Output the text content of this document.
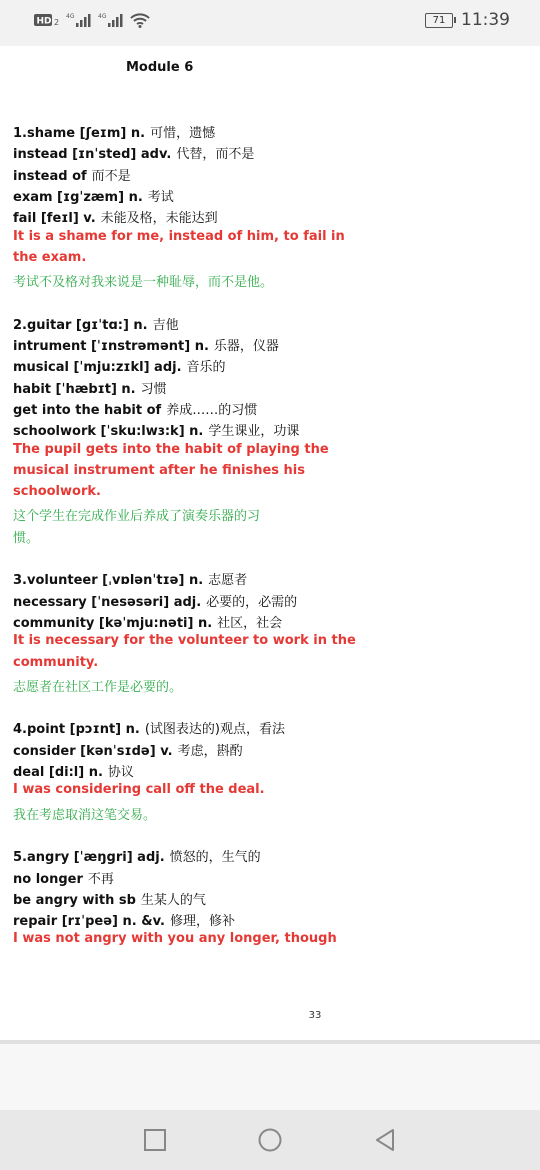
HD 2
4G	4G	71 11:39
Module 6
1.shame [ʃeɪm] n. 可惜，遗憾
instead [ɪnˈsted] adv. 代替，而不是
instead of 而不是
exam [ɪgˈzæm] n. 考试
fail [feɪl] v. 未能及格，未能达到
It is a shame for me, instead of him, to fail in
the exam.
考试不及格对我来说是一种耻辱，而不是他。
2.guitar [gɪˈtɑ:] n. 吉他
intrument [ˈɪnstrəmənt] n. 乐器，仪器
musical [ˈmju:zɪkl] adj. 音乐的
habit [ˈhæbɪt] n. 习惯
get into the habit of 养成……的习惯
schoolwork [ˈsku:lwɜ:k] n. 学生课业，功课
The pupil gets into the habit of playing the
musical instrument after he finishes his
schoolwork.
这个学生在完成作业后养成了演奏乐器的习
惯。
3.volunteer [ˌvɒlənˈtɪə] n. 志愿者
necessary [ˈnesəsəri] adj. 必要的，必需的
community [kəˈmju:nəti] n. 社区，社会
It is necessary for the volunteer to work in the
community.
志愿者在社区工作是必要的。
4.point [pɔɪnt] n. (试图表达的)观点，看法
consider [kənˈsɪdə] v. 考虑，斟酌
deal [di:l] n. 协议
I was considering call off the deal.
我在考虑取消这笔交易。
5.angry [ˈæŋgri] adj. 愤怒的，生气的
no longer 不再
be angry with sb 生某人的气
repair [rɪˈpeə] n. &v. 修理，修补
I was not angry with you any longer, though
33
